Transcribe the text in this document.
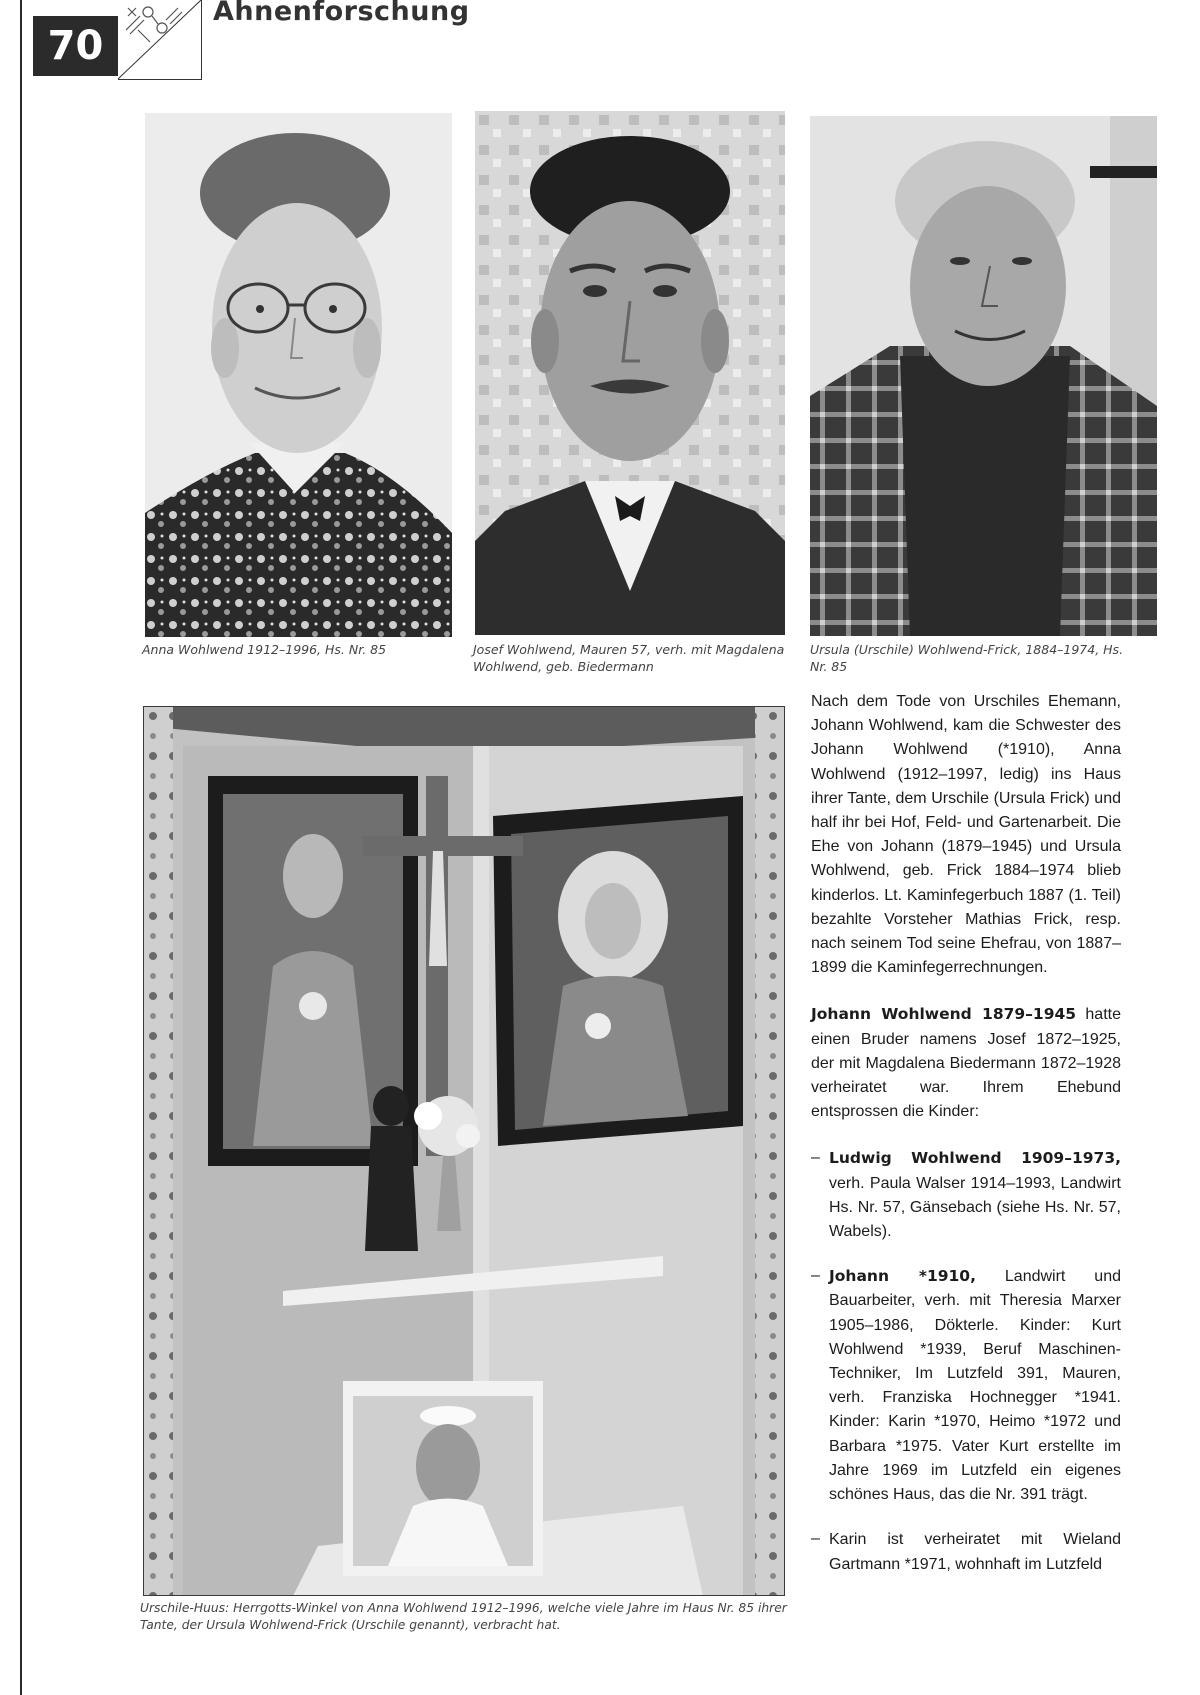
70
Ahnenforschung
Anna Wohlwend 1912–1996, Hs. Nr. 85	Josef Wohlwend, Mauren 57, verh. mit Magdalena Wohlwend, geb. Biedermann
Ursula (Urschile) Wohlwend-Frick, 1884–1974, Hs. Nr. 85
Urschile-Huus: Herrgotts-Winkel von Anna Wohlwend 1912–1996, welche viele Jahre im Haus Nr. 85 ihrer Tante, der Ursula Wohlwend-Frick (Urschile genannt), verbracht hat.

Nach dem Tode von Urschiles Ehemann, Johann Wohlwend, kam die Schwester des Johann Wohlwend (*1910), Anna Wohlwend (1912–1997, ledig) ins Haus ihrer Tante, dem Urschile (Ursula Frick) und half ihr bei Hof, Feld- und Gartenarbeit. Die Ehe von Johann (1879–1945) und Ursula Wohlwend, geb. Frick 1884–1974 blieb kinderlos. Lt. Kaminfegerbuch 1887 (1. Teil) bezahlte Vorsteher Mathias Frick, resp. nach seinem Tod seine Ehefrau, von 1887–1899 die Kaminfegerrechnungen.

Johann Wohlwend 1879–1945 hatte einen Bruder namens Josef 1872–1925, der mit Magdalena Biedermann 1872–1928 verheiratet war. Ihrem Ehebund entsprossen die Kinder:

– Ludwig Wohlwend 1909–1973, verh. Paula Walser 1914–1993, Landwirt Hs. Nr. 57, Gänsebach (siehe Hs. Nr. 57, Wabels).
– Johann *1910, Landwirt und Bauarbeiter, verh. mit Theresia Marxer 1905–1986, Dökterle. Kinder: Kurt Wohlwend *1939, Beruf Maschinen-Techniker, Im Lutzfeld 391, Mauren, verh. Franziska Hochnegger *1941. Kinder: Karin *1970, Heimo *1972 und Barbara *1975. Vater Kurt erstellte im Jahre 1969 im Lutzfeld ein eigenes schönes Haus, das die Nr. 391 trägt.
– Karin ist verheiratet mit Wieland Gartmann *1971, wohnhaft im Lutzfeld
